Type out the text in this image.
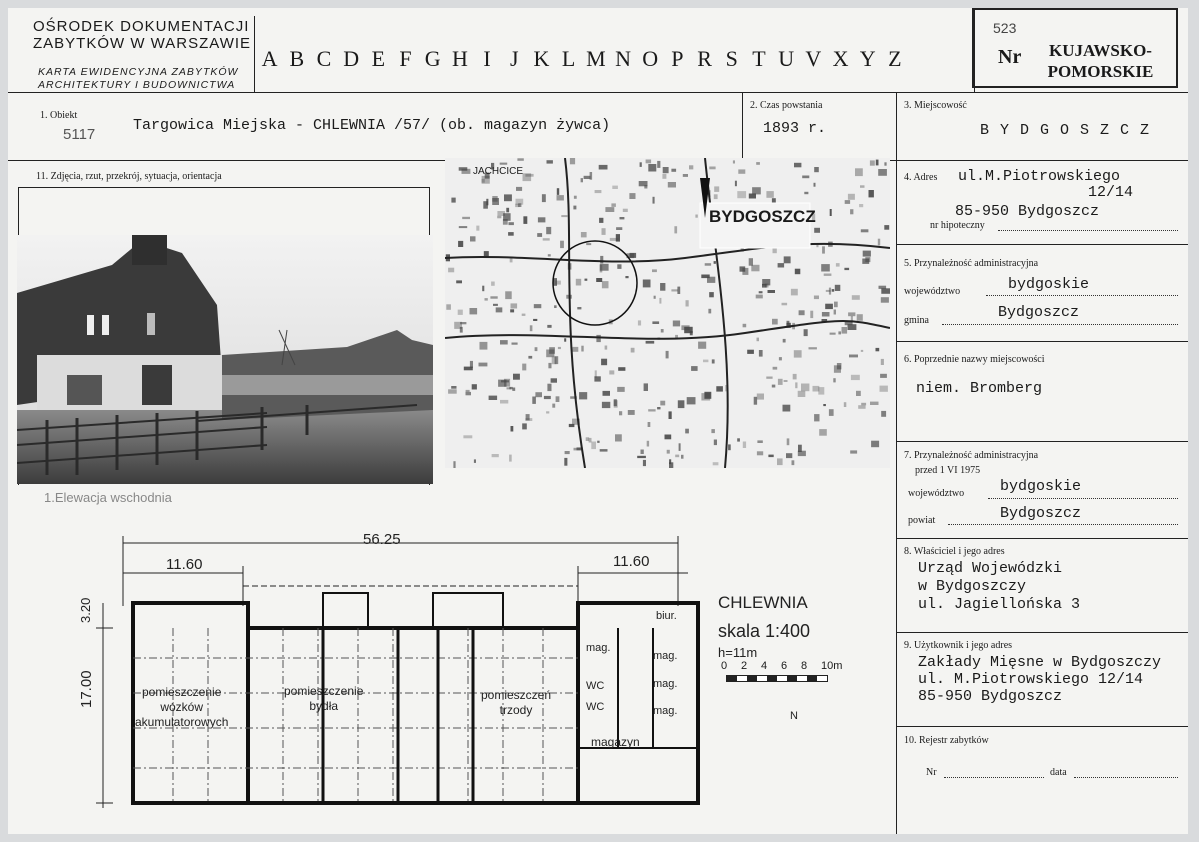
OŚRODEK DOKUMENTACJI
ZABYTKÓW W WARSZAWIE
KARTA EWIDENCYJNA ZABYTKÓW
ARCHITEKTURY I BUDOWNICTWA
A B C D E F G H I J K L M N O P R S T U V X Y Z
523
Nr	KUJAWSKO-
POMORSKIE
1. Obiekt
5117
Targowica Miejska - CHLEWNIA /57/ (ob. magazyn żywca)
2. Czas powstania
1893 r.
3. Miejscowość
B Y D G O S Z C Z
11. Zdjęcia, rzut, przekrój, sytuacja, orientacja
1.Elewacja wschodnia
BYDGOSZCZ
JACHCICE
56.25
11.60	11.60
17.00
3.20
pomieszczenie
wózków
akumulatorowych
pomieszczenie
bydła
pomieszczeń
trzody
magazyn
mag.
mag.
mag.
mag.
WC
WC
biur.
N
CHLEWNIA
skala 1:400
h=11m
0 2 4 6 8 10m
4. Adres ul.M.Piotrowskiego
12/14
85-950 Bydgoszcz
nr hipoteczny
5. Przynależność administracyjna
województwo	bydgoskie
gmina	Bydgoszcz
6. Poprzednie nazwy miejscowości
niem. Bromberg
7. Przynależność administracyjna
przed 1 VI 1975
województwo bydgoskie
powiat	Bydgoszcz
8. Właściciel i jego adres
Urząd Wojewódzki
w Bydgoszczy
ul. Jagiellońska 3
9. Użytkownik i jego adres
Zakłady Mięsne w Bydgoszczy
ul. M.Piotrowskiego 12/14
85-950 Bydgoszcz
10. Rejestr zabytków
Nr	data
